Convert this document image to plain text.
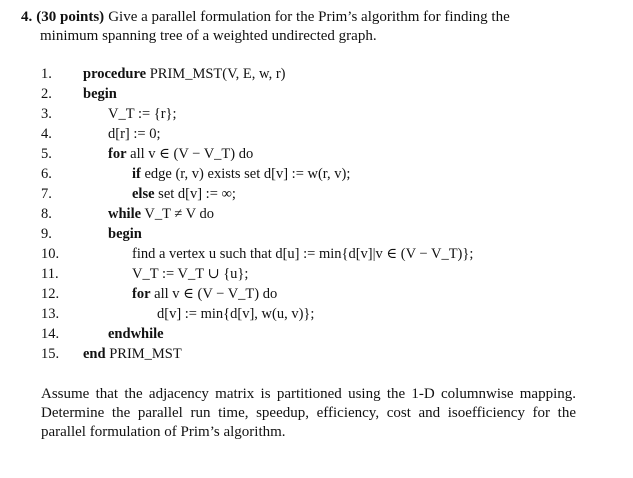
4. (30 points) Give a parallel formulation for the Prim’s algorithm for finding the
minimum spanning tree of a weighted undirected graph.
1.	procedure PRIM_MST(V, E, w, r)
2.	begin
3.	V_T := {r};
4.	d[r] := 0;
5.	for all v ∈ (V − V_T) do
6.	if edge (r, v) exists set d[v] := w(r, v);
7.	else set d[v] := ∞;
8.	while V_T ≠ V do
9.	begin
10.	find a vertex u such that d[u] := min{d[v]|v ∈ (V − V_T)};
11.	V_T := V_T ∪ {u};
12.	for all v ∈ (V − V_T) do
13.	d[v] := min{d[v], w(u, v)};
14.	endwhile
15.	end PRIM_MST
Assume that the adjacency matrix is partitioned using the 1-D columnwise mapping. Determine the parallel run time, speedup, efficiency, cost and isoefficiency for the parallel formulation of Prim’s algorithm.
